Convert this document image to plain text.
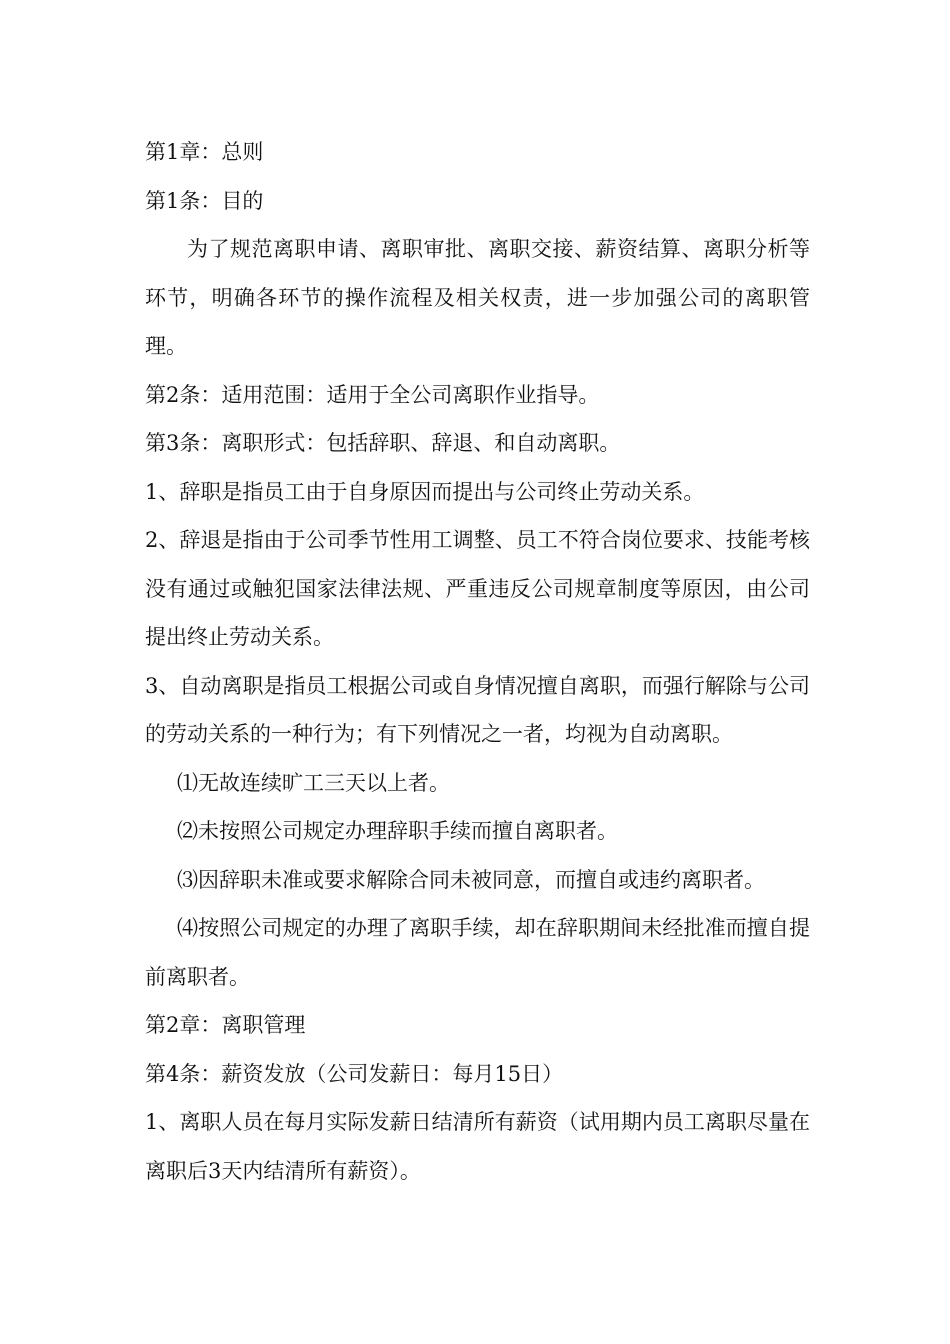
第1章：总则
第1条：目的
为了规范离职申请、离职审批、离职交接、薪资结算、离职分析等环节，明确各环节的操作流程及相关权责，进一步加强公司的离职管理。
第2条：适用范围：适用于全公司离职作业指导。
第3条：离职形式：包括辞职、辞退、和自动离职。
1、辞职是指员工由于自身原因而提出与公司终止劳动关系。
2、辞退是指由于公司季节性用工调整、员工不符合岗位要求、技能考核没有通过或触犯国家法律法规、严重违反公司规章制度等原因，由公司提出终止劳动关系。
3、自动离职是指员工根据公司或自身情况擅自离职，而强行解除与公司的劳动关系的一种行为；有下列情况之一者，均视为自动离职。
⑴无故连续旷工三天以上者。
⑵未按照公司规定办理辞职手续而擅自离职者。
⑶因辞职未准或要求解除合同未被同意，而擅自或违约离职者。
⑷按照公司规定的办理了离职手续，却在辞职期间未经批准而擅自提前离职者。
第2章：离职管理
第4条：薪资发放（公司发薪日：每月15日）
1、离职人员在每月实际发薪日结清所有薪资（试用期内员工离职尽量在离职后3天内结清所有薪资）。
